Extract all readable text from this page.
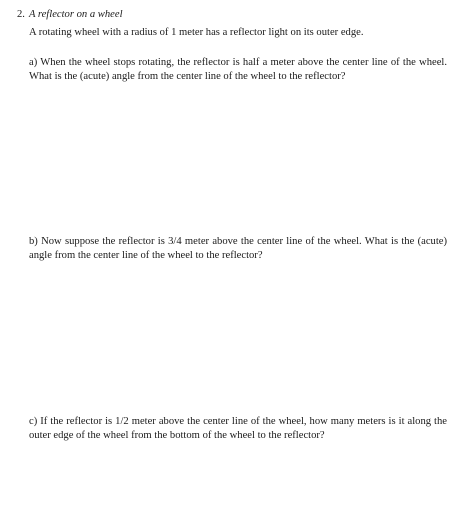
2. A reflector on a wheel
A rotating wheel with a radius of 1 meter has a reflector light on its outer edge.
a) When the wheel stops rotating, the reflector is half a meter above the center line of the wheel. What is the (acute) angle from the center line of the wheel to the reflector?
b) Now suppose the reflector is 3/4 meter above the center line of the wheel. What is the (acute) angle from the center line of the wheel to the reflector?
c) If the reflector is 1/2 meter above the center line of the wheel, how many meters is it along the outer edge of the wheel from the bottom of the wheel to the reflector?
